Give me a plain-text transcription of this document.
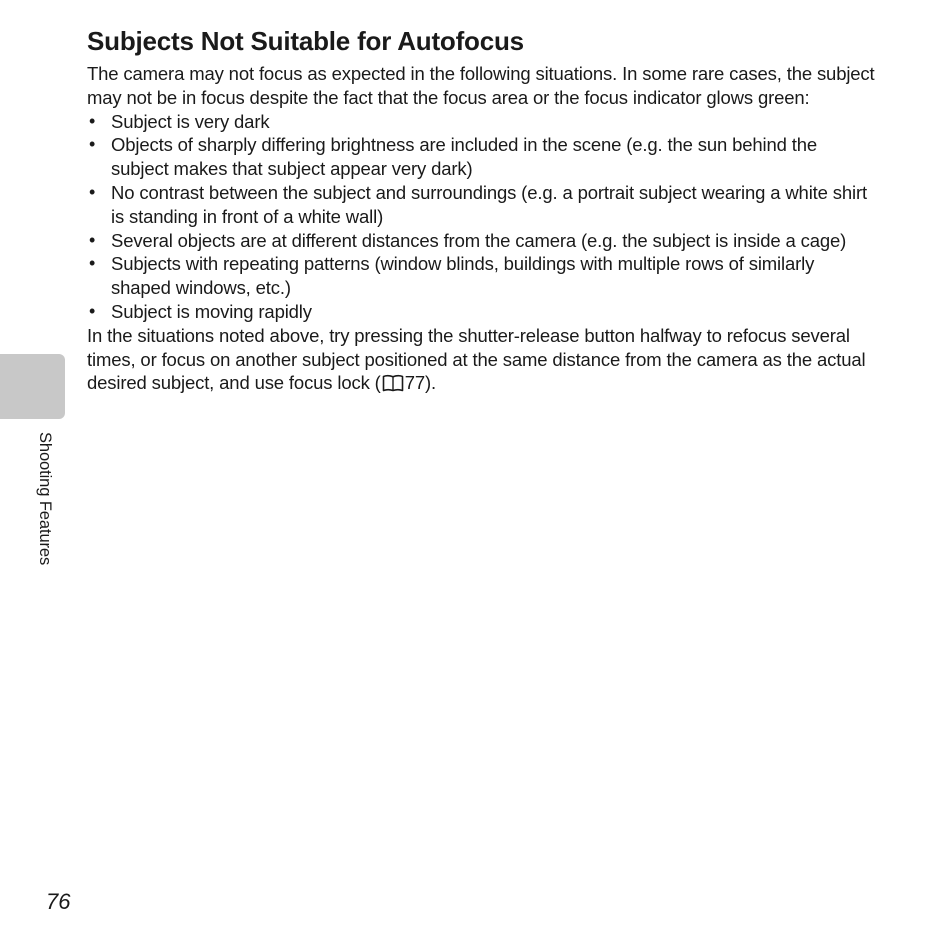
Subjects Not Suitable for Autofocus

The camera may not focus as expected in the following situations. In some rare cases, the subject may not be in focus despite the fact that the focus area or the focus indicator glows green:

• Subject is very dark
• Objects of sharply differing brightness are included in the scene (e.g. the sun behind the subject makes that subject appear very dark)
• No contrast between the subject and surroundings (e.g. a portrait subject wearing a white shirt is standing in front of a white wall)
• Several objects are at different distances from the camera (e.g. the subject is inside a cage)
• Subjects with repeating patterns (window blinds, buildings with multiple rows of similarly shaped windows, etc.)
• Subject is moving rapidly

In the situations noted above, try pressing the shutter-release button halfway to refocus several times, or focus on another subject positioned at the same distance from the camera as the actual desired subject, and use focus lock ( 77).

Shooting Features
76
